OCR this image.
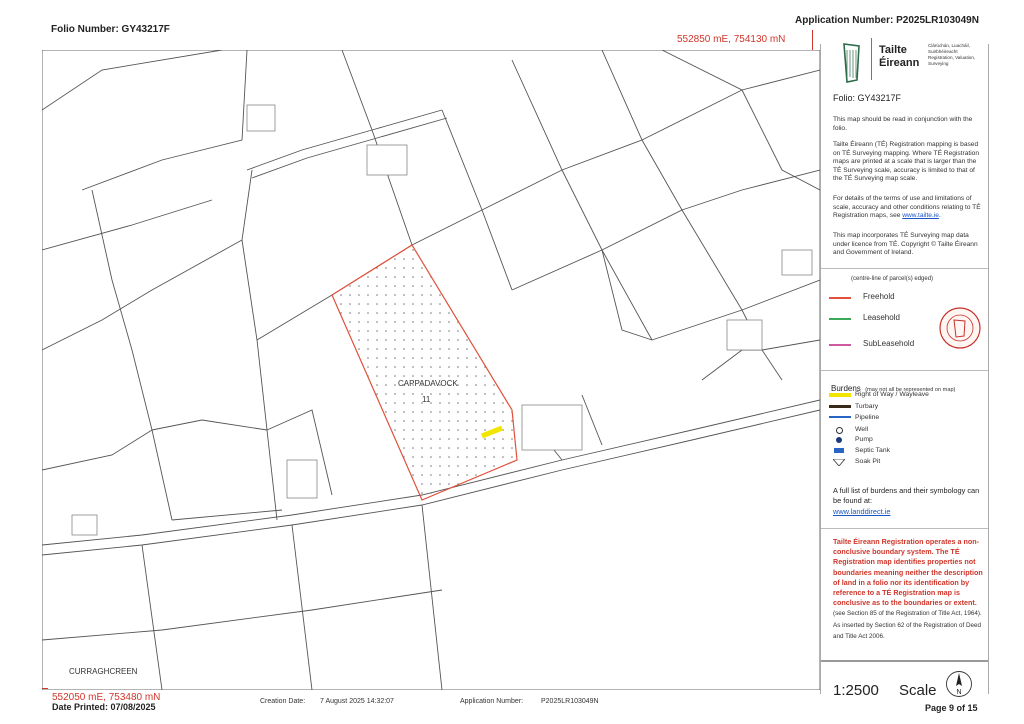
Folio Number: GY43217F
Application Number: P2025LR103049N
552850 mE, 754130 mN
CAPPADAVOCK
11
CURRAGHCREEN
552050 mE, 753480 mN
Tailte
Éireann
Clárúchán, Luacháil,
Suirbhéireacht
Registration, Valuation,
Surveying
Folio: GY43217F
This map should be read in conjunction with the folio.
Tailte Éireann (TÉ) Registration mapping is based on TÉ Surveying mapping. Where TÉ Registration maps are printed at a scale that is larger than the TÉ Surveying scale, accuracy is limited to that of the TÉ Surveying map scale.
For details of the terms of use and limitations of scale, accuracy and other conditions relating to TÉ Registration maps, see www.tailte.ie.
This map incorporates TÉ Surveying map data under licence from TÉ. Copyright © Tailte Éireann and Government of Ireland.
(centre-line of parcel(s) edged)
Freehold
Leasehold
SubLeasehold
Burdens (may not all be represented on map)
Right of Way / Wayleave
Turbary
Pipeline
Well
Pump
Septic Tank
Soak Pit
A full list of burdens and their symbology can be found at:
www.landdirect.ie
Tailte Éireann Registration operates a non-conclusive boundary system. The TÉ Registration map identifies properties not boundaries meaning neither the description of land in a folio nor its identification by reference to a TÉ Registration map is conclusive as to the boundaries or extent. (see Section 85 of the Registration of Title Act, 1964). As inserted by Section 62 of the Registration of Deed and Title Act 2006.
1:2500 Scale	N
Page 9 of 15
Date Printed: 07/08/2025
Creation Date: 7 August 2025 14:32:07	Application Number:	P2025LR103049N
